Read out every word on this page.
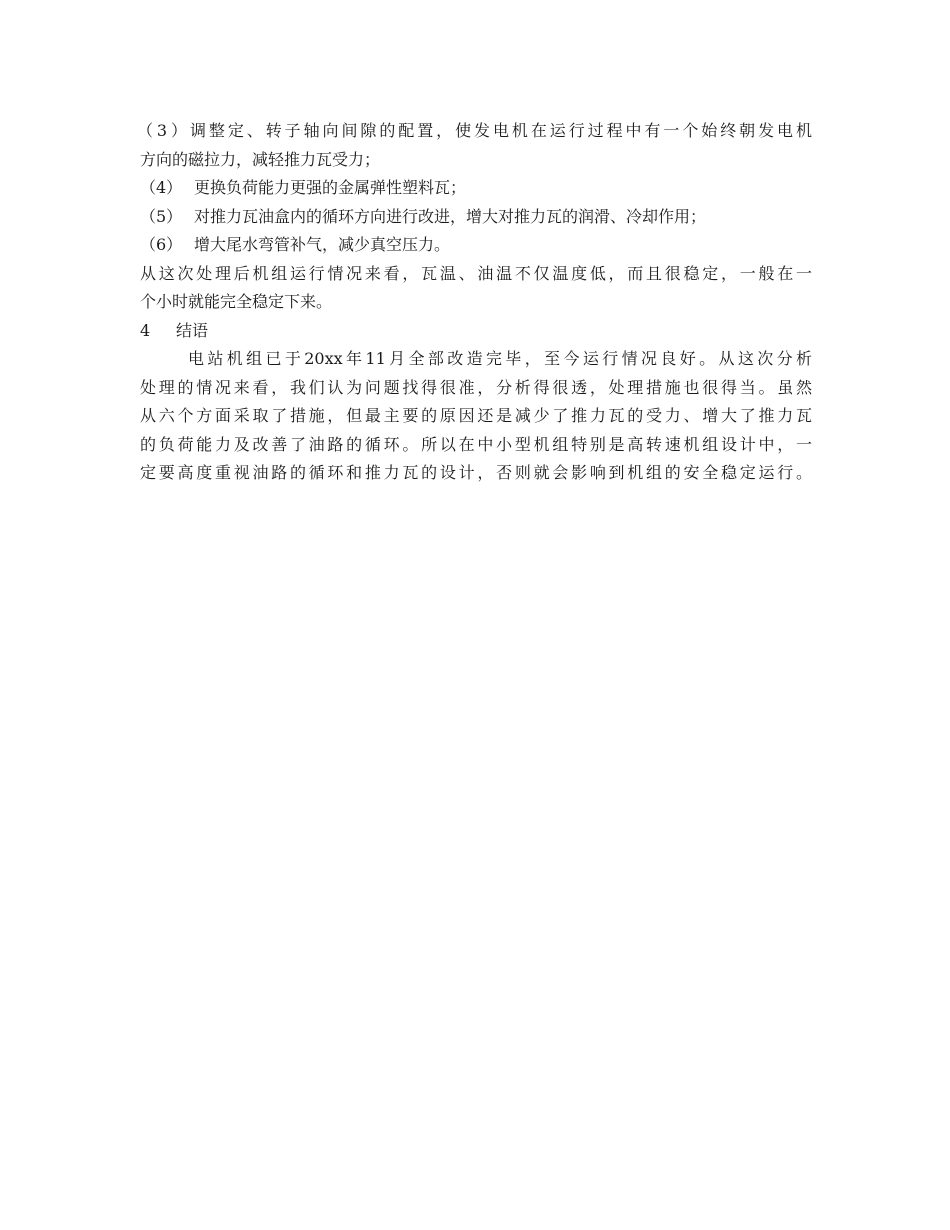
（3）调整定、转子轴向间隙的配置，使发电机在运行过程中有一个始终朝发电机
方向的磁拉力，减轻推力瓦受力；
（4） 更换负荷能力更强的金属弹性塑料瓦；
（5） 对推力瓦油盒内的循环方向进行改进，增大对推力瓦的润滑、冷却作用；
（6） 增大尾水弯管补气，减少真空压力。
从这次处理后机组运行情况来看，瓦温、油温不仅温度低，而且很稳定，一般在一
个小时就能完全稳定下来。
4 结语
电站机组已于20xx年11月全部改造完毕，至今运行情况良好。从这次分析
处理的情况来看，我们认为问题找得很准，分析得很透，处理措施也很得当。虽然
从六个方面采取了措施，但最主要的原因还是减少了推力瓦的受力、增大了推力瓦
的负荷能力及改善了油路的循环。所以在中小型机组特别是高转速机组设计中，一
定要高度重视油路的循环和推力瓦的设计，否则就会影响到机组的安全稳定运行。
